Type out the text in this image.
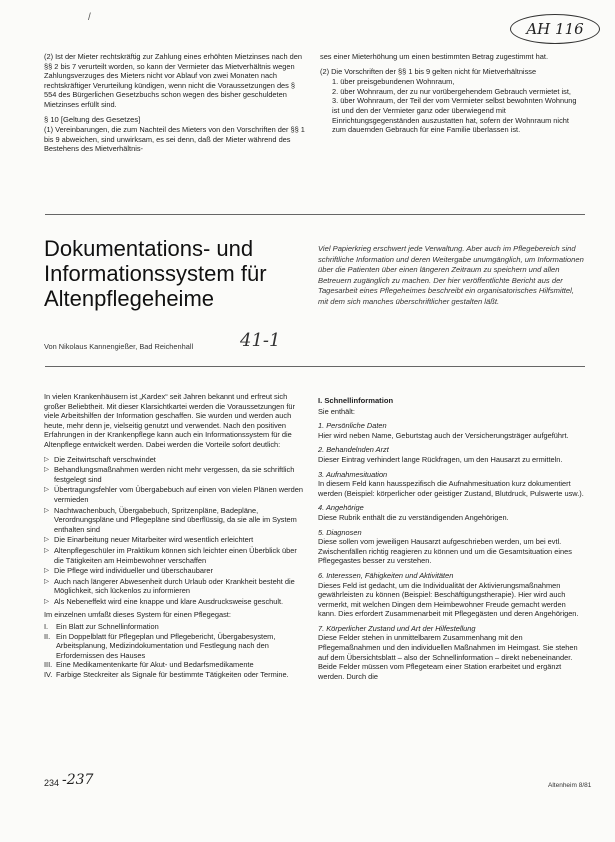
/
AH 116

(2) Ist der Mieter rechtskräftig zur Zahlung eines erhöhten Mietzinses nach den §§ 2 bis 7 verurteilt worden, so kann der Vermieter das Mietverhältnis wegen Zahlungsverzuges des Mieters nicht vor Ablauf von zwei Monaten nach rechtskräftiger Verurteilung kündigen, wenn nicht die Voraussetzungen des § 554 des Bürgerlichen Gesetzbuchs schon wegen des bisher geschuldeten Mietzinses erfüllt sind.

§ 10 [Geltung des Gesetzes]

(1) Vereinbarungen, die zum Nachteil des Mieters von den Vorschriften der §§ 1 bis 9 abweichen, sind unwirksam, es sei denn, daß der Mieter während des Bestehens des Mietverhältnis-

ses einer Mieterhöhung um einen bestimmten Betrag zugestimmt hat.

(2) Die Vorschriften der §§ 1 bis 9 gelten nicht für Mietverhältnisse

1. über preisgebundenen Wohnraum,
2. über Wohnraum, der zu nur vorübergehendem Gebrauch vermietet ist,
3. über Wohnraum, der Teil der vom Vermieter selbst bewohnten Wohnung ist und den der Vermieter ganz oder überwiegend mit Einrichtungsgegenständen auszustatten hat, sofern der Wohnraum nicht zum dauernden Gebrauch für eine Familie überlassen ist.
Dokumentations- und Informationssystem für Altenpflegeheime
41-1
Von Nikolaus Kannengießer, Bad Reichenhall
Viel Papierkrieg erschwert jede Verwaltung. Aber auch im Pflegebereich sind schriftliche Information und deren Weitergabe unumgänglich, um Informationen über die Patienten über einen längeren Zeitraum zu speichern und allen Betreuern zugänglich zu machen. Der hier veröffentlichte Bericht aus der Tagesarbeit eines Pflegeheimes beschreibt ein organisatorisches Hilfsmittel, mit dem sich manches überschriftlicher gestalten läßt.

In vielen Krankenhäusern ist „Kardex“ seit Jahren bekannt und erfreut sich großer Beliebtheit. Mit dieser Klarsichtkartei werden die Voraussetzungen für viele Arbeitshilfen der Information geschaffen. Sie wurden und werden auch heute, mehr denn je, vielseitig genutzt und verwendet. Nach den positiven Erfahrungen in der Krankenpflege kann auch ein Informationssystem für die Altenpflege entwickelt werden. Dabei werden die Vorteile sofort deutlich:

▷ Die Zeitwirtschaft verschwindet
▷ Behandlungsmaßnahmen werden nicht mehr vergessen, da sie schriftlich festgelegt sind
▷ Übertragungsfehler vom Übergabebuch auf einen von vielen Plänen werden vermieden
▷ Nachtwachenbuch, Übergabebuch, Spritzenpläne, Badepläne, Verordnungspläne und Pflegepläne sind überflüssig, da sie alle im System enthalten sind
▷ Die Einarbeitung neuer Mitarbeiter wird wesentlich erleichtert
▷ Altenpflegeschüler im Praktikum können sich leichter einen Überblick über die Tätigkeiten am Heimbewohner verschaffen
▷ Die Pflege wird individueller und überschaubarer
▷ Auch nach längerer Abwesenheit durch Urlaub oder Krankheit besteht die Möglichkeit, sich lückenlos zu informieren
▷ Als Nebeneffekt wird eine knappe und klare Ausdrucksweise geschult.

Im einzelnen umfaßt dieses System für einen Pflegegast:

I. Ein Blatt zur Schnellinformation
II. Ein Doppelblatt für Pflegeplan und Pflegebericht, Übergabesystem, Arbeitsplanung, Medizindokumentation und Festlegung nach den Erfordernissen des Hauses
III. Eine Medikamentenkarte für Akut- und Bedarfsmedikamente
IV. Farbige Steckreiter als Signale für bestimmte Tätigkeiten oder Termine.
I. Schnellinformation

Sie enthält:

1. Persönliche Daten

Hier wird neben Name, Geburtstag auch der Versicherungsträger aufgeführt.

2. Behandelnden Arzt

Dieser Eintrag verhindert lange Rückfragen, um den Hausarzt zu ermitteln.

3. Aufnahmesituation

In diesem Feld kann hausspezifisch die Aufnahmesituation kurz dokumentiert werden (Beispiel: körperlicher oder geistiger Zustand, Blutdruck, Pulswerte usw.).

4. Angehörige

Diese Rubrik enthält die zu verständigenden Angehörigen.

5. Diagnosen

Diese sollen vom jeweiligen Hausarzt aufgeschrieben werden, um bei evtl. Zwischenfällen richtig reagieren zu können und um die Gesamtsituation eines Pflegegastes besser zu verstehen.

6. Interessen, Fähigkeiten und Aktivitäten

Dieses Feld ist gedacht, um die Individualität der Aktivierungsmaßnahmen gewährleisten zu können (Beispiel: Beschäftigungstherapie). Hier wird auch vermerkt, mit welchen Dingen dem Heimbewohner Freude gemacht werden kann. Dies erfordert Zusammenarbeit mit Pflegegästen und deren Angehörigen.

7. Körperlicher Zustand und Art der Hilfestellung

Diese Felder stehen in unmittelbarem Zusammenhang mit den Pflegemaßnahmen und den individuellen Maßnahmen im Heimgast. Sie stehen auf dem Übersichtsblatt – also der Schnellinformation – direkt nebeneinander. Beide Felder müssen vom Pflegeteam einer Station erarbeitet und ergänzt werden. Durch die

234 -237	Altenheim 8/81
